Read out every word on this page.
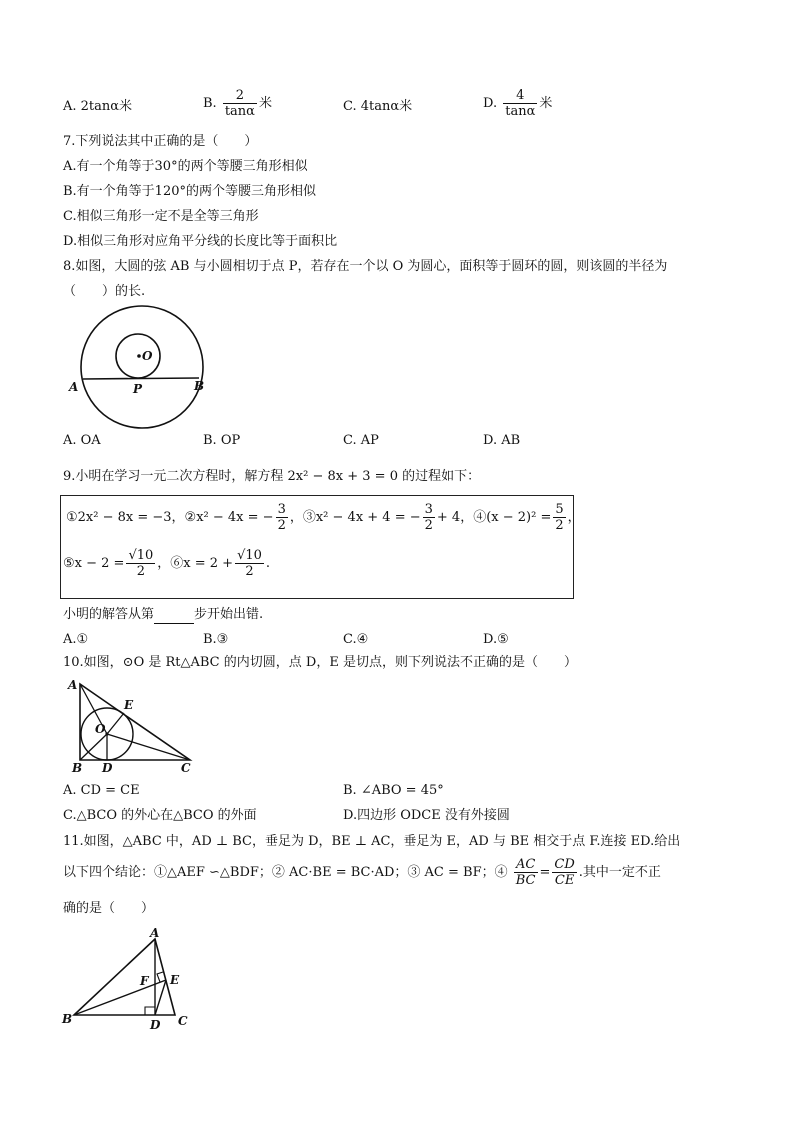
A. 2tanα米	B. $\frac{2}{\tan\alpha}$ 米	C. 4tanα米	D. $\frac{4}{\tan\alpha}$ 米
7.下列说法其中正确的是（　　）
A.有一个角等于30°的两个等腰三角形相似
B.有一个角等于120°的两个等腰三角形相似
C.相似三角形一定不是全等三角形
D.相似三角形对应角平分线的长度比等于面积比
8.如图，大圆的弦 AB 与小圆相切于点 P，若存在一个以 O 为圆心，面积等于圆环的圆，则该圆的半径为
（　　）的长.
O
A	P	B
A. OA	B. OP	C. AP	D. AB
9.小明在学习一元二次方程时，解方程 2x² − 8x + 3 = 0 的过程如下：
①2x² − 8x = −3，②x² − 4x = − $\frac{3}{2}$ ，③x² − 4x + 4 = − $\frac{3}{2} + 4$，④(x − $2)^2 = \frac{5}{2}$ ，
⑤x − $2 = \frac{√10}{2}$ ，⑥x = $2 + \frac{√10}{2}$ .
小明的解答从第	步开始出错.
A.①	B.③	C.④	D.⑤
10.如图，⊙O 是 Rt△ABC 的内切圆，点 D，E 是切点，则下列说法不正确的是（　　）
A
E
O
B D	C
A. CD = CE	B. ∠ABO = 45°
C.△BCO 的外心在△BCO 的外面	D.四边形 ODCE 没有外接圆
11.如图，△ABC 中，AD ⊥ BC，垂足为 D，BE ⊥ AC，垂足为 E，AD 与 BE 相交于点 F.连接 ED.给出
以下四个结论：①△AEF ∽△BDF；② AC·BE = BC·AD；③ AC = BF；④ $\frac{AC}{BC} = \frac{CD}{CE}$ .其中一定不正
确的是（　　）
A
F E
B	D C
